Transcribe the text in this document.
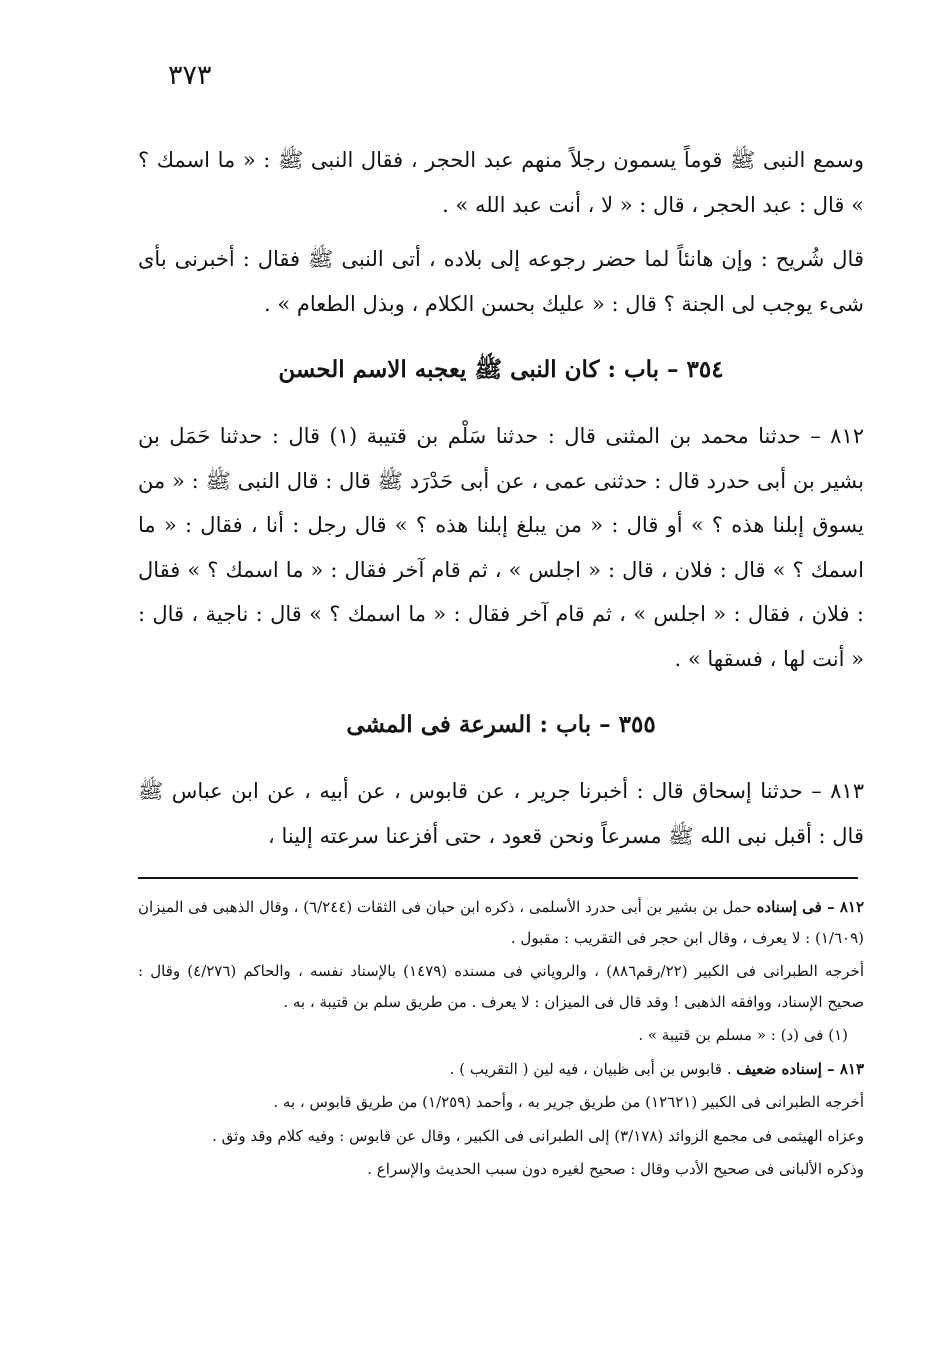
٣٧٣

وسمع النبى ﷺ قوماً يسمون رجلاً منهم عبد الحجر ، فقال النبى ﷺ : « ما اسمك ؟ » قال : عبد الحجر ، قال : « لا ، أنت عبد الله » .

قال شُريح : وإن هانئاً لما حضر رجوعه إلى بلاده ، أتى النبى ﷺ فقال : أخبرنى بأى شىء يوجب لى الجنة ؟ قال : « عليك بحسن الكلام ، وبذل الطعام » .

٣٥٤ – باب : كان النبى ﷺ يعجبه الاسم الحسن

٨١٢ – حدثنا محمد بن المثنى قال : حدثنا سَلْم بن قتيبة (١) قال : حدثنا حَمَل بن بشير بن أبى حدرد قال : حدثنى عمى ، عن أبى حَدْرَد ﷺ قال : قال النبى ﷺ : « من يسوق إبلنا هذه ؟ » أو قال : « من يبلغ إبلنا هذه ؟ » قال رجل : أنا ، فقال : « ما اسمك ؟ » قال : فلان ، قال : « اجلس » ، ثم قام آخر فقال : « ما اسمك ؟ » فقال : فلان ، فقال : « اجلس » ، ثم قام آخر فقال : « ما اسمك ؟ » قال : ناجية ، قال : « أنت لها ، فسقها » .

٣٥٥ – باب : السرعة فى المشى

٨١٣ – حدثنا إسحاق قال : أخبرنا جرير ، عن قابوس ، عن أبيه ، عن ابن عباس ﷺ قال : أقبل نبى الله ﷺ مسرعاً ونحن قعود ، حتى أفزعنا سرعته إلينا ،

٨١٢ – فى إسناده حمل بن بشير بن أبى حدرد الأسلمى ، ذكره ابن حبان فى الثقات (٦/٢٤٤) ، وقال الذهبى فى الميزان (١/٦٠٩) : لا يعرف ، وقال ابن حجر فى التقريب : مقبول .

أخرجه الطبرانى فى الكبير (٢٢/رقم٨٨٦) ، والروياني فى مسنده (١٤٧٩) بالإسناد نفسه ، والحاكم (٤/٢٧٦) وقال : صحيح الإسناد، ووافقه الذهبى ! وقد قال فى الميزان : لا يعرف . من طريق سلم بن قتيبة ، به .

(١) فى (د) : « مسلم بن قتيبة » .

٨١٣ – إسناده ضعيف . قابوس بن أبى ظبيان ، فيه لين ( التقريب ) .

أخرجه الطبرانى فى الكبير (١٢٦٢١) من طريق جرير به ، وأحمد (١/٢٥٩) من طريق قابوس ، به .

وعزاه الهيثمى فى مجمع الزوائد (٣/١٧٨) إلى الطبرانى فى الكبير ، وقال عن قابوس : وفيه كلام وقد وثق .

وذكره الألبانى فى صحيح الأدب وقال : صحيح لغيره دون سبب الحديث والإسراع .
